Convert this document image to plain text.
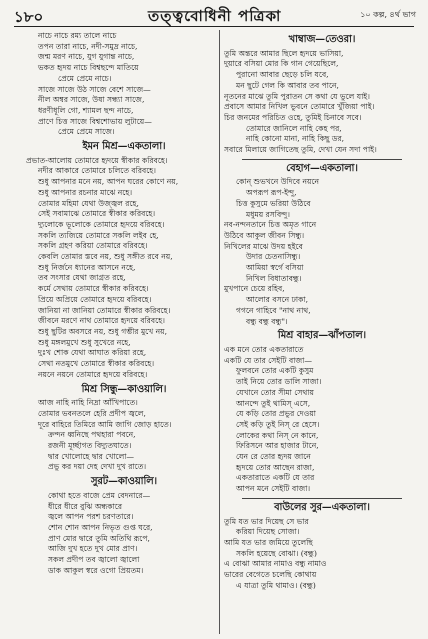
১৮০	তত্ত্ববোধিনী পত্রিকা	১০ কল্প, ৪র্থ ভাগ
নাচে নাচে রম্য তালে নাচে
তপন তারা নাচে, নদী-সমুদ্র নাচে,
জন্ম মরণ নাচে, যুগ যুগান্ত নাচে,
ভকত হৃদয় নাচে বিশ্বছন্দে মাতিয়ে
প্রেমে প্রেমে নাচে।
সাজে সাজে উঠ সাজে বেশে সাজে—
নীল অম্বর সাজে, উষা সন্ধ্যা সাজে,
ধরণীধূলি গো, শ্যামল ছন্দ নাচে,
প্রাণে চিত্ত সাজে বিশ্বশোভায় লুটায়ে—
প্রেমে প্রেমে সাজে।
ইমন মিশ্র—একতালা।
প্রভাত-আলোয় তোমারে হৃদয়ে স্বীকার করিবহে।
নদীর আকারে তোমারে চলিতে বরিবহে।
শুধু আপনার মনে নয়, আপন ঘরের কোণে নয়,
শুধু আপনার রচনার মাঝে নহে।
তোমার মহিমা যেথা উজ্জ্বল রহে,
সেই সবামাঝে তোমারে স্বীকার করিবহে।
দ্যুলোকে ভূলোকে তোমারে হৃদয়ে বরিবহে।
সকলি ত্যজিয়ে তোমারে সকলি লইব হে,
সকলি গ্রহণ করিয়া তোমারে বরিবহে।
কেবলি তোমার স্তবে নয়, শুধু সঙ্গীত রবে নয়,
শুধু নির্জনে ধ্যানের আসনে নহে,
তব সংসার যেথা জাগ্রত রহে,
কর্মে সেথায় তোমারে স্বীকার করিবহে।
প্রিয়ে অপ্রিয়ে তোমারে হৃদয়ে বরিবহে।
জানিয়া না জানিয়া তোমারে স্বীকার করিবহে।
জীবনে মরণে নাথ তোমারে হৃদয়ে বরিবহে।
শুধু ছুটির অবসরে নয়, শুধু গম্ভীর মুখে নয়,
শুধু মঙ্গলমুখে শুধু সুখেরে নহে,
দুঃখ শোক যেথা আঘাত করিয়া রহে,
সেথা নতমুখে তোমারে স্বীকার করিবহে।
নয়নে নয়নে তোমারে হৃদয়ে বরিবহে।
মিশ্র সিন্ধু—কাওয়ালি।
আজ নাহি নাহি নিদ্রা আঁখিপাতে।
তোমার ভবনতলে হেরি প্রদীপ জ্বলে,
দূরে বাহিরে তিমিরে আমি জাগি জোড় হাতে।
ক্রন্দন ধ্বনিছে পথহারা পবনে,
রজনী মূর্চ্ছাগত বিদ্যুতঘাতে।
দ্বার খোলোহে দ্বার খোলো—
প্রভু কর দয়া দেহ দেখা দুখ রাতে।
সুরট—কাওয়ালি।
কোথা হতে বাজে প্রেম বেদনারে—
ধীরে ধীরে বুঝি অন্ধকারে
জ্বলে আপন পরশ চরণতারে।
শোন শোন আপন নিভৃত গুপ্ত ঘরে,
প্রাণ মোর দ্বারে তুমি অতিথি রূপে,
আজি দুখ হতে দুখ মোর প্রাণ।
সকল প্রদীপ তব জ্বালো জ্বালো
ডাক আকুল স্বরে ওগো প্রিয়তম।
খাম্বাজ—তেওরা।
তুমি অন্তরে আমার ছিলে হৃদয়ে ভাসিয়া,
দুয়ারে বসিয়া মোর কি গান গেয়েছিলে,
পুরানো আবার ছেড়ে চলি যবে,
মন ছুটে গেল কি আবার তব পানে,
নূতনের মাঝে তুমি পুরাতন সে কথা যে ভুলে যাই।
প্রবাসে আমার নিখিল ভুবনে তোমারে খুঁজিয়া পাই।
চির জনমের পরিচিত ওহে, তুমিই চিনাবে সবে।
তোমারে জানিলে নাহি কেহ পর,
নাহি কোনো মানা, নাহি কিছু ডর,
সবারে মিলায়ে জাগিতেছ তুমি, দেখা যেন সদা পাই।
বেহাগ—একতালা।
কোন্ শুভখনে উদিবে নয়নে
অপরূপ রূপ-ইন্দু,
চিত্ত কুসুমে ভরিয়া উঠিবে
মধুময় রসবিন্দু।
নব-নন্দনতানে চিত্ত অমৃত গানে
উঠিবে আকুল জীবন সিন্ধু।
নিখিলের মাঝে উদয় হইবে
উদার চেতনাসিন্ধু।
আমিয়া স্বর্গে বসিয়া
নিখিল বিধাতাবন্ধু।
মুখপানে চেয়ে রহিব,
আলোর বসনে ঢাকা,
গগনে গাহিবে "নাথ নাথ,
বন্ধু বন্ধু বন্ধু"।
মিশ্র বাহার—ঝাঁপতাল।
এক মনে তোর একতারাতে
একটি যে তার সেইটি বাজা—
ফুলবনে তোর একটি কুসুম
তাই নিয়ে তোর ডালি সাজা।
যেখানে তোর সীমা সেথায়
আনন্দে তুই থামিস্ এসে,
যে কড়ি তোর প্রভুর দেওয়া
সেই কড়ি তুই নিস্ রে হেসে।
লোকের কথা নিস্ নে কানে,
ফিরিসনে আর হাজার টানে,
যেন রে তোর হৃদয় জানে
হৃদয়ে তোর আছেন রাজা,
একতারাতে একটি যে তার
আপন মনে সেইটি বাজা।
বাউলের সুর—একতালা।
তুমি যত ভার দিয়েছ সে ভার
করিয়া দিয়েছ সোজা।
আমি যত ভার জমিয়ে তুলেছি
সকলি হয়েছে বোঝা। (বন্ধু)
এ বোঝা আমার নামাও বন্ধু নামাও
ভারের বেগেতে চলেছি কোথায়
এ যাত্রা তুমি থামাও। (বন্ধু)
